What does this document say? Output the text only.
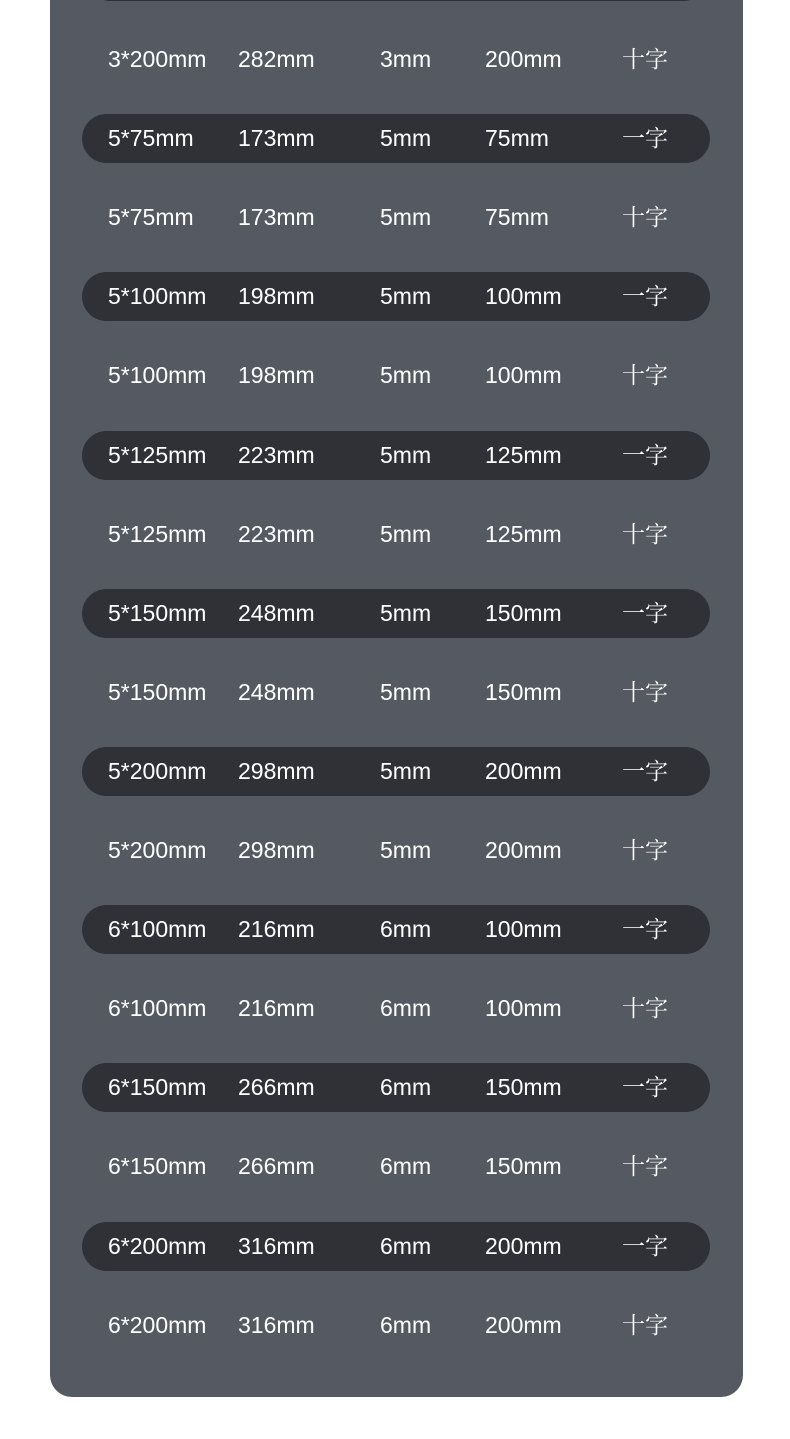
3*200mm 282mm	3mm 200mm	十字
5*75mm 173mm	5mm 75mm	一字
5*75mm 173mm	5mm 75mm	十字
5*100mm 198mm	5mm 100mm	一字
5*100mm 198mm	5mm 100mm	十字
5*125mm 223mm	5mm 125mm	一字
5*125mm 223mm	5mm 125mm	十字
5*150mm 248mm	5mm 150mm	一字
5*150mm 248mm	5mm 150mm	十字
5*200mm 298mm	5mm 200mm	一字
5*200mm 298mm	5mm 200mm	十字
6*100mm 216mm	6mm 100mm	一字
6*100mm 216mm	6mm 100mm	十字
6*150mm 266mm	6mm 150mm	一字
6*150mm 266mm	6mm 150mm	十字
6*200mm 316mm	6mm 200mm	一字
6*200mm 316mm	6mm 200mm	十字
